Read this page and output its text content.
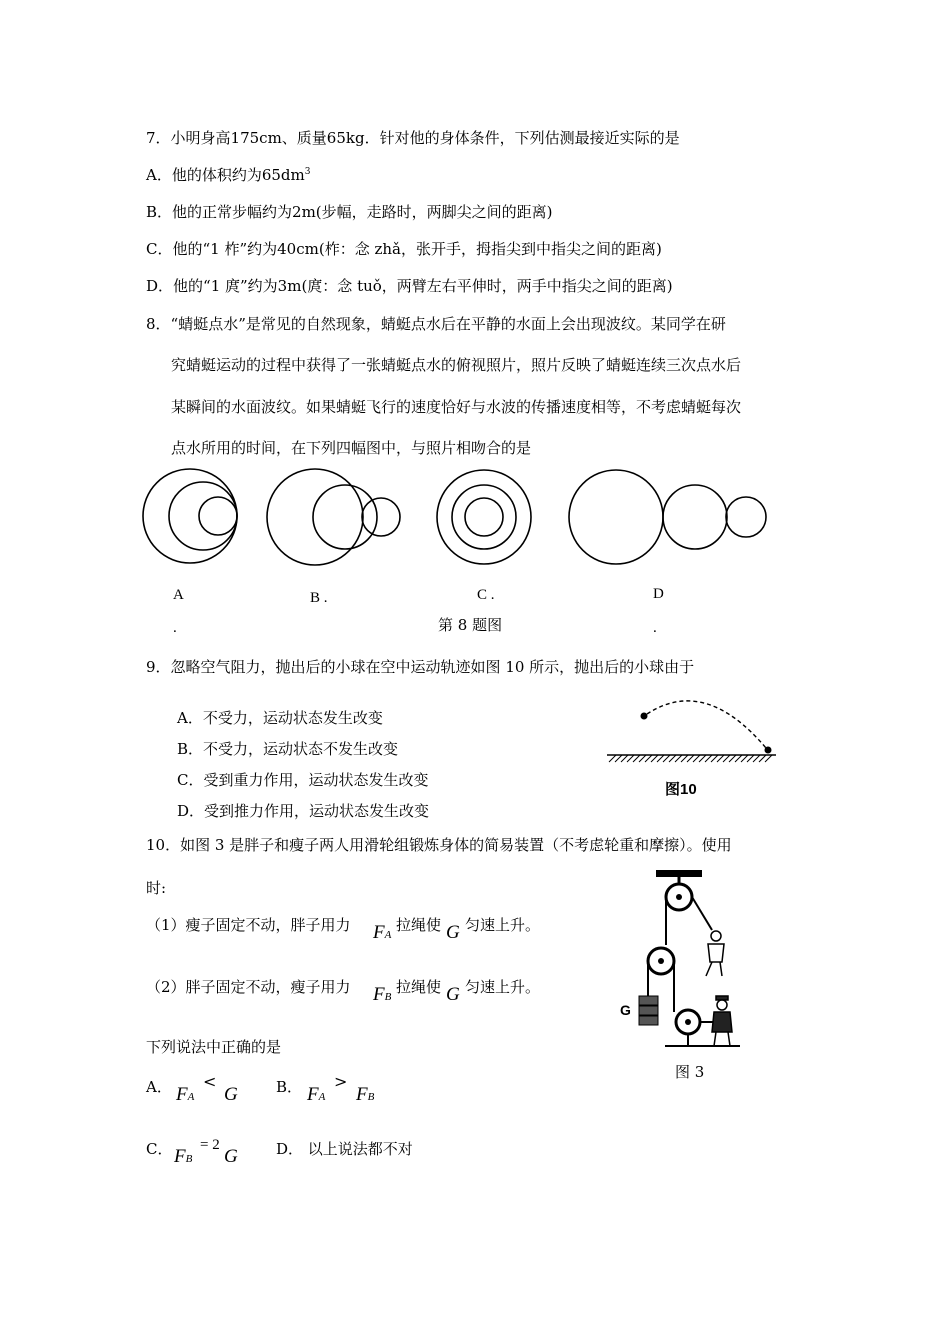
7．小明身高175cm、质量65kg．针对他的身体条件，下列估测最接近实际的是
A．他的体积约为$65dm^3$
B．他的正常步幅约为2m(步幅，走路时，两脚尖之间的距离)
C．他的“1 柞”约为40cm(柞：念 zhǎ，张开手，拇指尖到中指尖之间的距离)
D．他的“1 庹”约为3m(庹：念 tuǒ，两臂左右平伸时，两手中指尖之间的距离)
8．“蜻蜓点水”是常见的自然现象，蜻蜓点水后在平静的水面上会出现波纹。某同学在研
究蜻蜓运动的过程中获得了一张蜻蜓点水的俯视照片，照片反映了蜻蜓连续三次点水后
某瞬间的水面波纹。如果蜻蜓飞行的速度恰好与水波的传播速度相等，不考虑蜻蜓每次
点水所用的时间，在下列四幅图中，与照片相吻合的是
A
.
B .	C .	D
.
第 8 题图
9．忽略空气阻力，抛出后的小球在空中运动轨迹如图 10 所示，抛出后的小球由于
A．不受力，运动状态发生改变
B．不受力，运动状态不发生改变
C．受到重力作用，运动状态发生改变
D．受到推力作用，运动状态发生改变
图10
10．如图 3 是胖子和瘦子两人用滑轮组锻炼身体的简易装置（不考虑轮重和摩擦）。使用
时:
（1）瘦子固定不动，胖子用力 FA
拉绳使 G 匀速上升。
（2）胖子固定不动，瘦子用力 FB
拉绳使 G 匀速上升。
下列说法中正确的是
A． FA
<
G	B． FA
>
FB
C． FB
= 2
G	D． 以上说法都不对
G
图 3
